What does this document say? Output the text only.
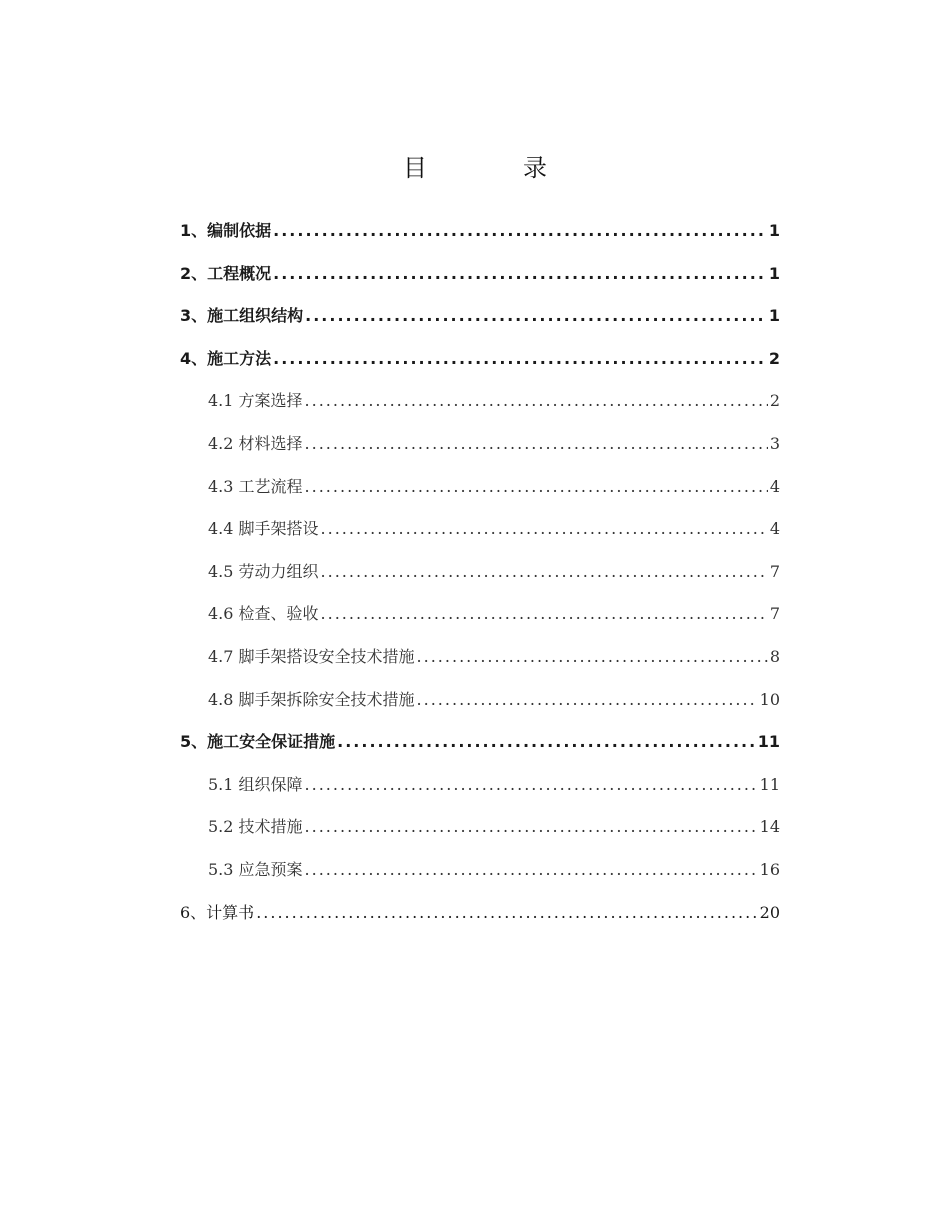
目　录
1、编制依据 .....	1
2、工程概况 .....	1
3、施工组织结构 .....	1
4、施工方法 .....	2
4.1 方案选择 .....	2
4.2 材料选择 .....	3
4.3 工艺流程 .....	4
4.4 脚手架搭设 .....	4
4.5 劳动力组织 .....	7
4.6 检查、验收 .....	7
4.7 脚手架搭设安全技术措施 .....	8
4.8 脚手架拆除安全技术措施 .....	10
5、施工安全保证措施 .....	11
5.1 组织保障 .....	11
5.2 技术措施 .....	14
5.3 应急预案 .....	16
6、计算书 .....	20
